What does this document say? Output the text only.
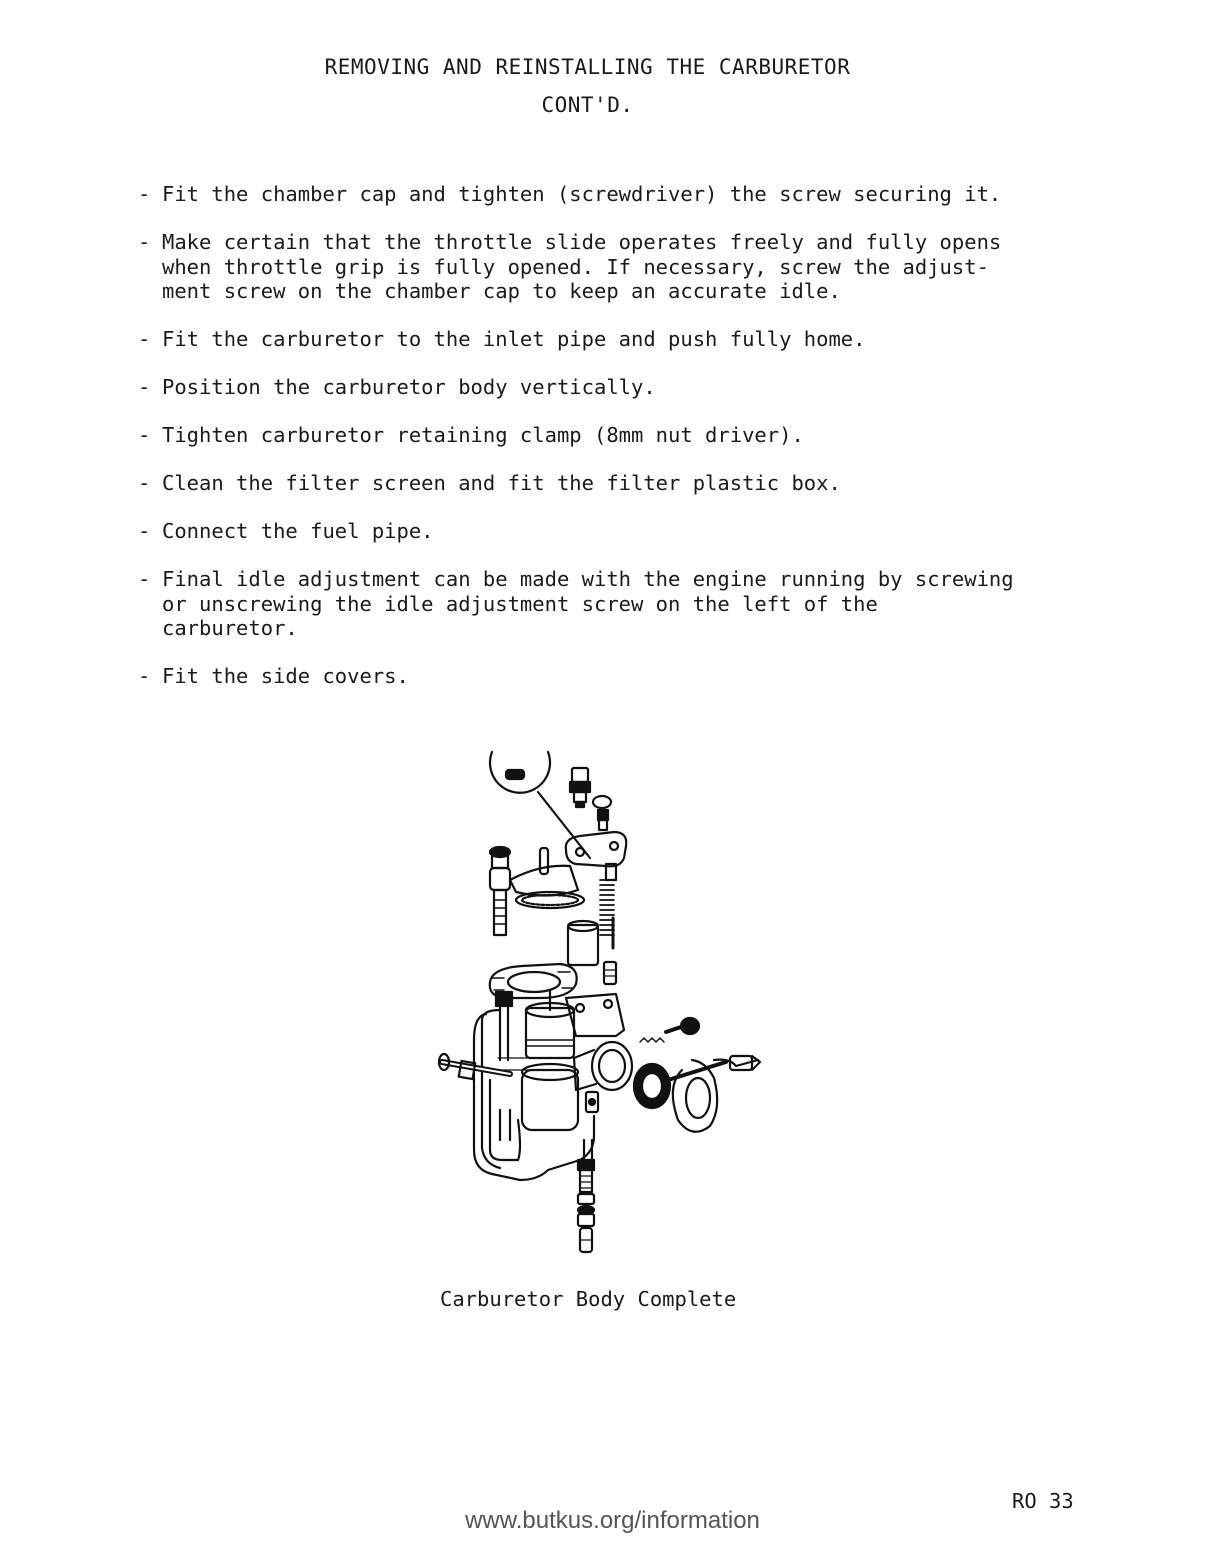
REMOVING AND REINSTALLING THE CARBURETOR
CONT'D.
- Fit the chamber cap and tighten (screwdriver) the screw securing it.
- Make certain that the throttle slide operates freely and fully opens
when throttle grip is fully opened. If necessary, screw the adjust-
ment screw on the chamber cap to keep an accurate idle.
- Fit the carburetor to the inlet pipe and push fully home.
- Position the carburetor body vertically.
- Tighten carburetor retaining clamp (8mm nut driver).
- Clean the filter screen and fit the filter plastic box.
- Connect the fuel pipe.
- Final idle adjustment can be made with the engine running by screwing
or unscrewing the idle adjustment screw on the left of the carburetor.
- Fit the side covers.
Carburetor Body Complete
RO 33
www.butkus.org/information
